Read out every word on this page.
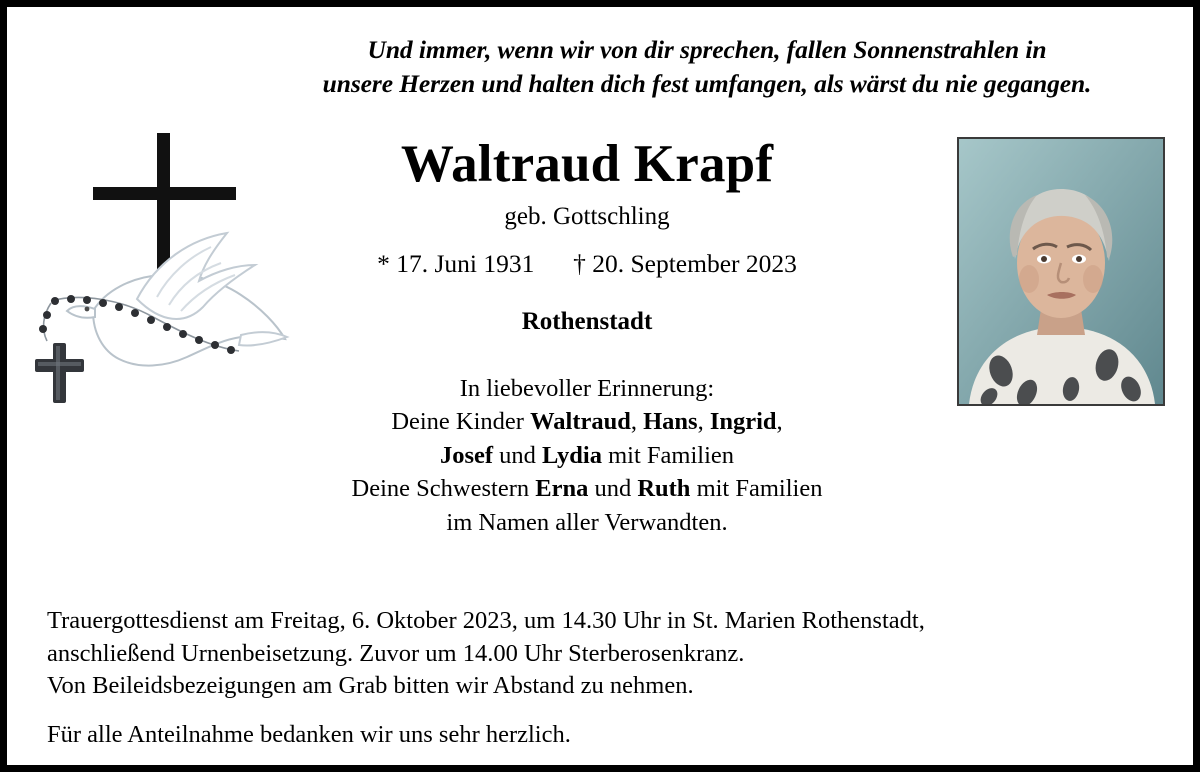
Und immer, wenn wir von dir sprechen, fallen Sonnenstrahlen in
unsere Herzen und halten dich fest umfangen, als wärst du nie gegangen.
Waltraud Krapf
geb. Gottschling
* 17. Juni 1931 † 20. September 2023
Rothenstadt
In liebevoller Erinnerung:
Deine Kinder Waltraud, Hans, Ingrid,
Josef und Lydia mit Familien
Deine Schwestern Erna und Ruth mit Familien
im Namen aller Verwandten.
Trauergottesdienst am Freitag, 6. Oktober 2023, um 14.30 Uhr in St. Marien Rothenstadt,
anschließend Urnenbeisetzung. Zuvor um 14.00 Uhr Sterberosenkranz.
Von Beileidsbezeigungen am Grab bitten wir Abstand zu nehmen.
Für alle Anteilnahme bedanken wir uns sehr herzlich.
